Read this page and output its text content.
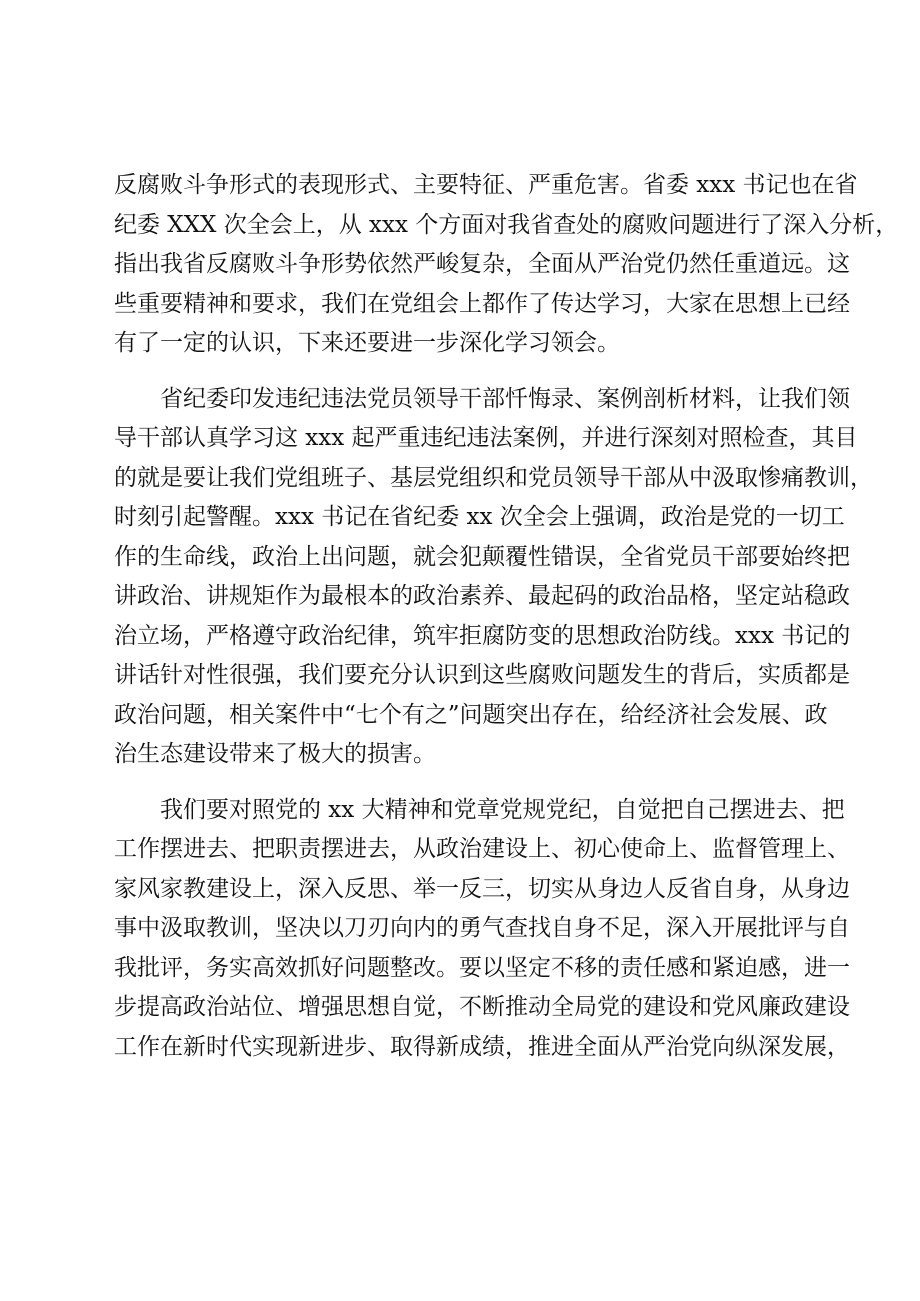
反腐败斗争形式的表现形式、主要特征、严重危害。省委 xxx 书记也在省
纪委 XXX 次全会上，从 xxx 个方面对我省查处的腐败问题进行了深入分析，
指出我省反腐败斗争形势依然严峻复杂，全面从严治党仍然任重道远。这
些重要精神和要求，我们在党组会上都作了传达学习，大家在思想上已经
有了一定的认识，下来还要进一步深化学习领会。
省纪委印发违纪违法党员领导干部忏悔录、案例剖析材料，让我们领
导干部认真学习这 xxx 起严重违纪违法案例，并进行深刻对照检查，其目
的就是要让我们党组班子、基层党组织和党员领导干部从中汲取惨痛教训，
时刻引起警醒。xxx 书记在省纪委 xx 次全会上强调，政治是党的一切工
作的生命线，政治上出问题，就会犯颠覆性错误，全省党员干部要始终把
讲政治、讲规矩作为最根本的政治素养、最起码的政治品格，坚定站稳政
治立场，严格遵守政治纪律，筑牢拒腐防变的思想政治防线。xxx 书记的
讲话针对性很强，我们要充分认识到这些腐败问题发生的背后，实质都是
政治问题，相关案件中“七个有之”问题突出存在，给经济社会发展、政
治生态建设带来了极大的损害。
我们要对照党的 xx 大精神和党章党规党纪，自觉把自己摆进去、把
工作摆进去、把职责摆进去，从政治建设上、初心使命上、监督管理上、
家风家教建设上，深入反思、举一反三，切实从身边人反省自身，从身边
事中汲取教训，坚决以刀刃向内的勇气查找自身不足，深入开展批评与自
我批评，务实高效抓好问题整改。要以坚定不移的责任感和紧迫感，进一
步提高政治站位、增强思想自觉，不断推动全局党的建设和党风廉政建设
工作在新时代实现新进步、取得新成绩，推进全面从严治党向纵深发展，
